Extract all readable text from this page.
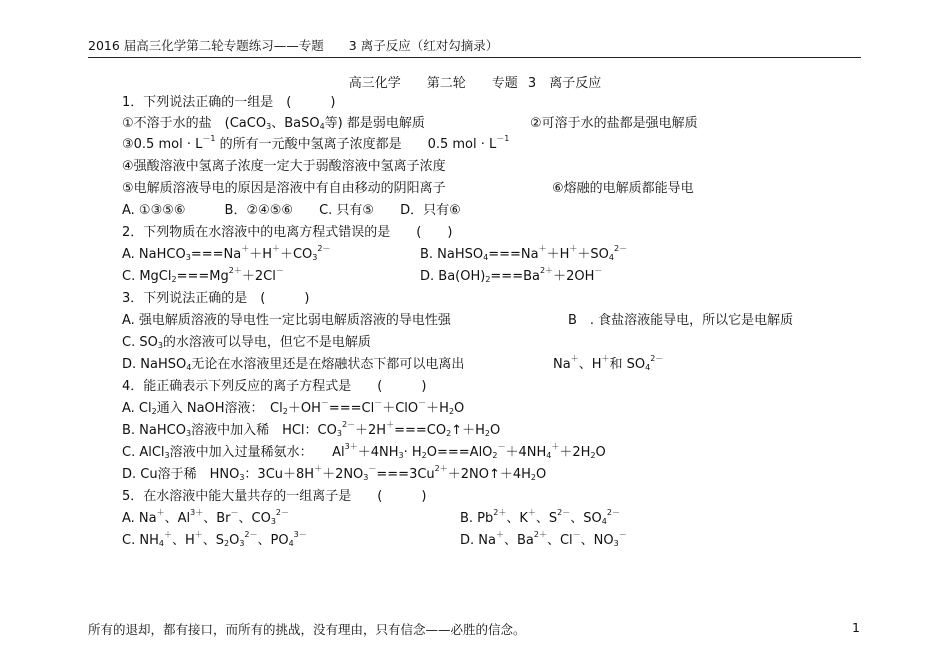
2016 届高三化学第二轮专题练习——专题　　3 离子反应（红对勾摘录）
高三化学　　第二轮　　专题 3　离子反应
1．下列说法正确的一组是　(　　　)
①不溶于水的盐　(CaCO$_3$、BaSO$_4$等) 都是弱电解质	②可溶于水的盐都是强电解质
③0.5 mol · $L^{-1}$ 的所有一元酸中氢离子浓度都是　　0.5 mol · $L^{-1}$
④强酸溶液中氢离子浓度一定大于弱酸溶液中氢离子浓度
⑤电解质溶液导电的原因是溶液中有自由移动的阴阳离子	⑥熔融的电解质都能导电
A. ①③⑤⑥　　　B．②④⑤⑥　　C. 只有⑤　　D．只有⑥
2．下列物质在水溶液中的电离方程式错误的是　　(　　)
A. $NaHCO_3===Na^++H^++CO_3^{2-}$	B. $NaHSO_4===Na^++H^++SO_4^{2-}$
C. $MgCl_2===Mg^{2+}+2Cl^-$	D. $Ba(OH)_2===Ba^{2+}+2OH^-$
3．下列说法正确的是　(　　　)
A. 强电解质溶液的导电性一定比弱电解质溶液的导电性强	B　. 食盐溶液能导电，所以它是电解质
C. $SO_3$的水溶液可以导电，但它不是电解质
D. NaHSO$_4$无论在水溶液里还是在熔融状态下都可以电离出	Na＋、H＋和 $SO_4^{2-}$
4．能正确表示下列反应的离子方程式是　　(　　　)
A. $Cl_2$通入 NaOH溶液：　$Cl_2+OH^-===Cl^-+ClO^-+H_2O$
B. NaHCO$_3$溶液中加入稀　HCl：$CO_3^{2-}+2H^+===CO_2↑+H_2O$
C. AlCl$_3$溶液中加入过量稀氨水：　　$Al^{3+}+4NH_3\cdot H_2O===AlO_2^-+4NH_4^++2H_2O$
D. Cu溶于稀　$HNO_3$：$3Cu+8H^++2NO_3^-===3Cu^{2+}+2NO↑+4H_2O$
5．在水溶液中能大量共存的一组离子是　　(　　　)
A. Na＋、$Al^{3+}$、Br－、$CO_3^{2-}$	B. $Pb^{2+}$、K＋、$S^{2-}$、$SO_4^{2-}$
C. $NH_4^+$、H＋、$S_2O_3^{2-}$、$PO_4^{3-}$	D. Na＋、$Ba^{2+}$、Cl－、$NO_3^-$
所有的退却，都有接口，而所有的挑战，没有理由，只有信念——必胜的信念。	1
